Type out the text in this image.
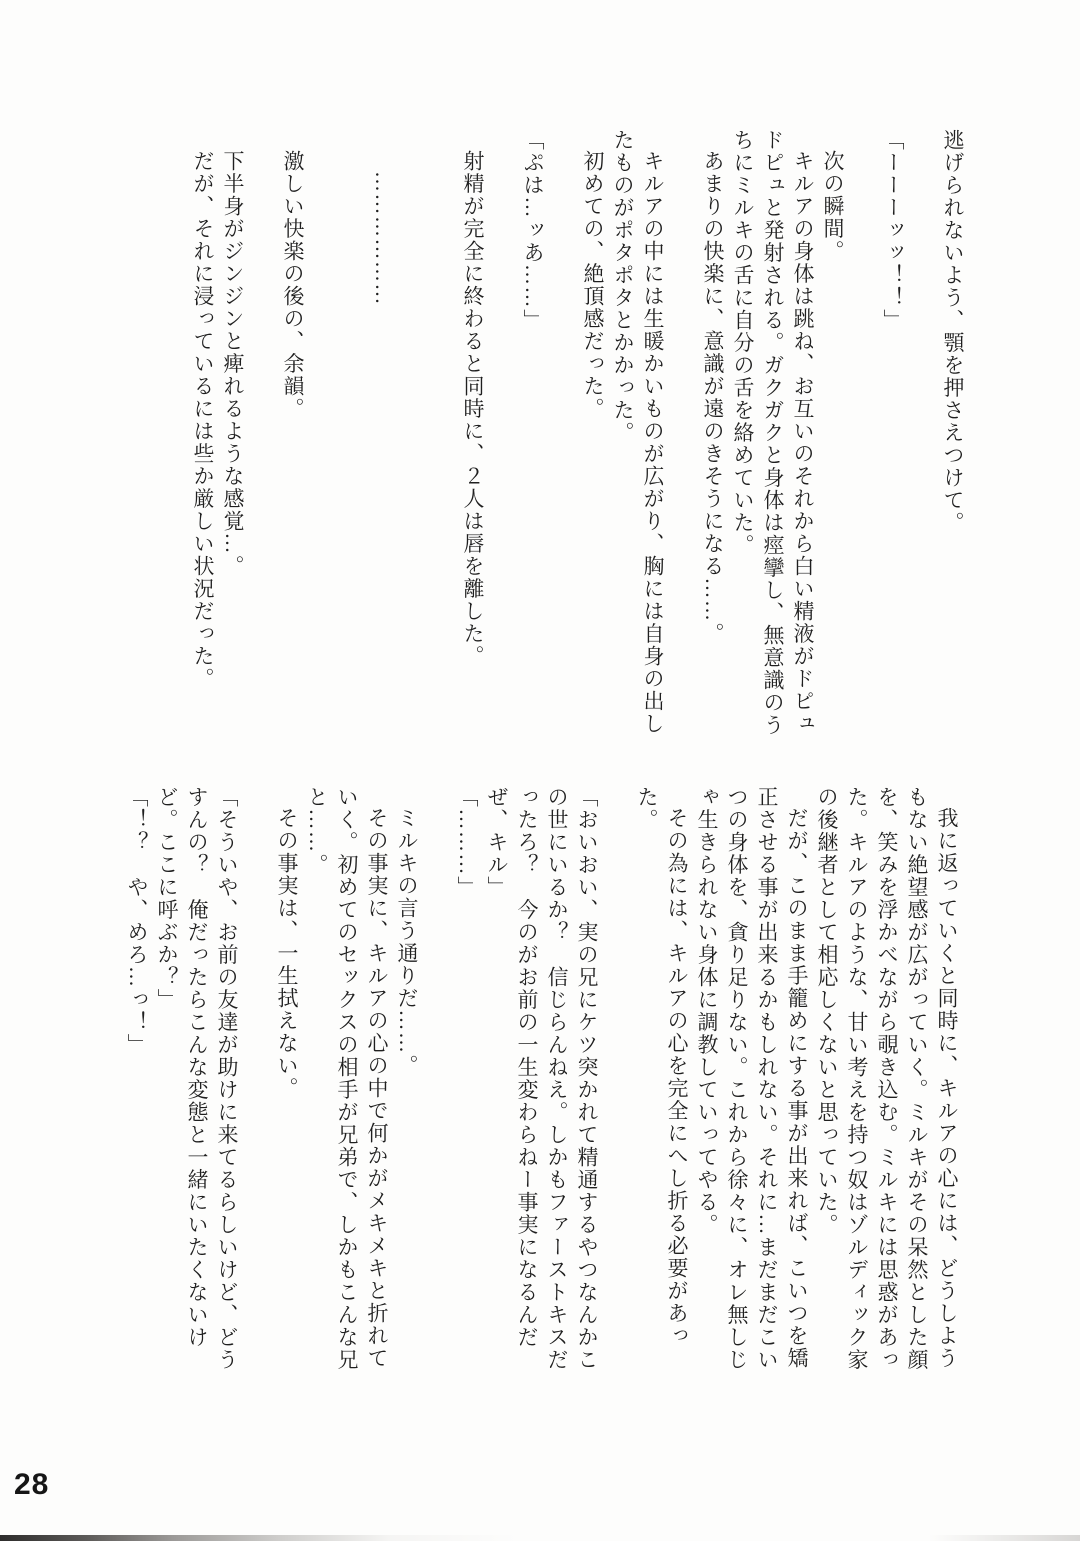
逃げられないよう、顎を押さえつけて。

「ーーーッッ！！」

次の瞬間。

キルアの身体は跳ね、お互いのそれから白い精液がドピュドピュと発射される。ガクガクと身体は痙攣し、無意識のうちにミルキの舌に自分の舌を絡めていた。

あまりの快楽に、意識が遠のきそうになる……。

キルアの中には生暖かいものが広がり、胸には自身の出したものがポタポタとかかった。

初めての、絶頂感だった。

「ぷは…ッあ……」

射精が完全に終わると同時に、２人は唇を離した。

………………

激しい快楽の後の、余韻。

下半身がジンジンと痺れるような感覚…。

だが、それに浸っているには些か厳しい状況だった。

我に返っていくと同時に、キルアの心には、どうしようもない絶望感が広がっていく。ミルキがその呆然とした顔を、笑みを浮かべながら覗き込む。ミルキには思惑があった。キルアのような、甘い考えを持つ奴はゾルディック家の後継者として相応しくないと思っていた。

だが、このまま手籠めにする事が出来れば、こいつを矯正させる事が出来るかもしれない。それに…まだまだこいつの身体を、貪り足りない。これから徐々に、オレ無しじゃ生きられない身体に調教していってやる。

その為には、キルアの心を完全にへし折る必要があった。

「おいおい、実の兄にケツ突かれて精通するやつなんかこの世にいるか？　信じらんねえ。しかもファーストキスだったろ？　今のがお前の一生変わらねー事実になるんだぜ、キル」

「………」

ミルキの言う通りだ……。

その事実に、キルアの心の中で何かがメキメキと折れていく。初めてのセックスの相手が兄弟で、しかもこんな兄と……。

その事実は、一生拭えない。

「そういや、お前の友達が助けに来てるらしいけど、どうすんの？　俺だったらこんな変態と一緒にいたくないけど。ここに呼ぶか？」

「！？　や、めろ…っ！」

28
